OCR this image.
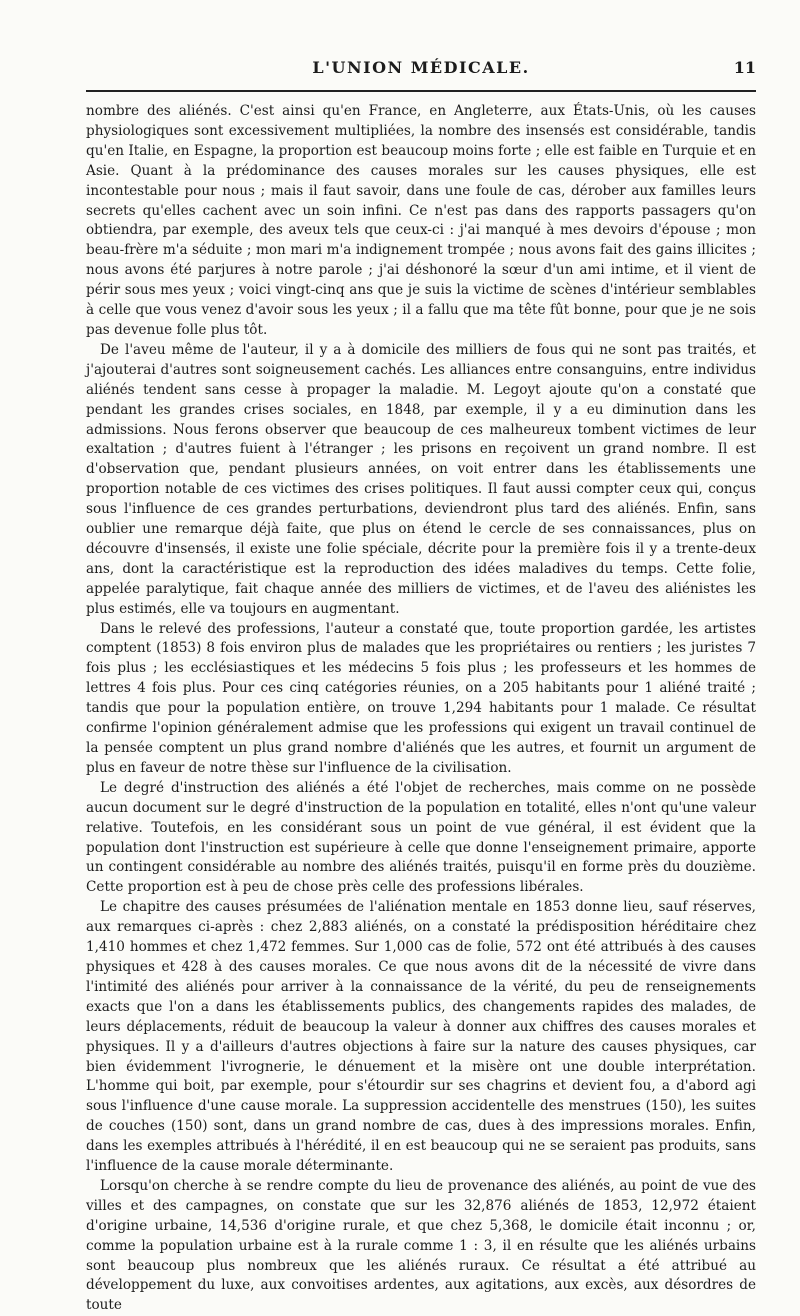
L'UNION MÉDICALE.	11

nombre des aliénés. C'est ainsi qu'en France, en Angleterre, aux États-Unis, où les causes physiologiques sont excessivement multipliées, la nombre des insensés est considérable, tandis qu'en Italie, en Espagne, la proportion est beaucoup moins forte ; elle est faible en Turquie et en Asie. Quant à la prédominance des causes morales sur les causes physiques, elle est incontestable pour nous ; mais il faut savoir, dans une foule de cas, dérober aux familles leurs secrets qu'elles cachent avec un soin infini. Ce n'est pas dans des rapports passagers qu'on obtiendra, par exemple, des aveux tels que ceux-ci : j'ai manqué à mes devoirs d'épouse ; mon beau-frère m'a séduite ; mon mari m'a indignement trompée ; nous avons fait des gains illicites ; nous avons été parjures à notre parole ; j'ai déshonoré la sœur d'un ami intime, et il vient de périr sous mes yeux ; voici vingt-cinq ans que je suis la victime de scènes d'intérieur semblables à celle que vous venez d'avoir sous les yeux ; il a fallu que ma tête fût bonne, pour que je ne sois pas devenue folle plus tôt.

De l'aveu même de l'auteur, il y a à domicile des milliers de fous qui ne sont pas traités, et j'ajouterai d'autres sont soigneusement cachés. Les alliances entre consanguins, entre individus aliénés tendent sans cesse à propager la maladie. M. Legoyt ajoute qu'on a constaté que pendant les grandes crises sociales, en 1848, par exemple, il y a eu diminution dans les admissions. Nous ferons observer que beaucoup de ces malheureux tombent victimes de leur exaltation ; d'autres fuient à l'étranger ; les prisons en reçoivent un grand nombre. Il est d'observation que, pendant plusieurs années, on voit entrer dans les établissements une proportion notable de ces victimes des crises politiques. Il faut aussi compter ceux qui, conçus sous l'influence de ces grandes perturbations, deviendront plus tard des aliénés. Enfin, sans oublier une remarque déjà faite, que plus on étend le cercle de ses connaissances, plus on découvre d'insensés, il existe une folie spéciale, décrite pour la première fois il y a trente-deux ans, dont la caractéristique est la reproduction des idées maladives du temps. Cette folie, appelée paralytique, fait chaque année des milliers de victimes, et de l'aveu des aliénistes les plus estimés, elle va toujours en augmentant.

Dans le relevé des professions, l'auteur a constaté que, toute proportion gardée, les artistes comptent (1853) 8 fois environ plus de malades que les propriétaires ou rentiers ; les juristes 7 fois plus ; les ecclésiastiques et les médecins 5 fois plus ; les professeurs et les hommes de lettres 4 fois plus. Pour ces cinq catégories réunies, on a 205 habitants pour 1 aliéné traité ; tandis que pour la population entière, on trouve 1,294 habitants pour 1 malade. Ce résultat confirme l'opinion généralement admise que les professions qui exigent un travail continuel de la pensée comptent un plus grand nombre d'aliénés que les autres, et fournit un argument de plus en faveur de notre thèse sur l'influence de la civilisation.

Le degré d'instruction des aliénés a été l'objet de recherches, mais comme on ne possède aucun document sur le degré d'instruction de la population en totalité, elles n'ont qu'une valeur relative. Toutefois, en les considérant sous un point de vue général, il est évident que la population dont l'instruction est supérieure à celle que donne l'enseignement primaire, apporte un contingent considérable au nombre des aliénés traités, puisqu'il en forme près du douzième. Cette proportion est à peu de chose près celle des professions libérales.

Le chapitre des causes présumées de l'aliénation mentale en 1853 donne lieu, sauf réserves, aux remarques ci-après : chez 2,883 aliénés, on a constaté la prédisposition héréditaire chez 1,410 hommes et chez 1,472 femmes. Sur 1,000 cas de folie, 572 ont été attribués à des causes physiques et 428 à des causes morales. Ce que nous avons dit de la nécessité de vivre dans l'intimité des aliénés pour arriver à la connaissance de la vérité, du peu de renseignements exacts que l'on a dans les établissements publics, des changements rapides des malades, de leurs déplacements, réduit de beaucoup la valeur à donner aux chiffres des causes morales et physiques. Il y a d'ailleurs d'autres objections à faire sur la nature des causes physiques, car bien évidemment l'ivrognerie, le dénuement et la misère ont une double interprétation. L'homme qui boit, par exemple, pour s'étourdir sur ses chagrins et devient fou, a d'abord agi sous l'influence d'une cause morale. La suppression accidentelle des menstrues (150), les suites de couches (150) sont, dans un grand nombre de cas, dues à des impressions morales. Enfin, dans les exemples attribués à l'hérédité, il en est beaucoup qui ne se seraient pas produits, sans l'influence de la cause morale déterminante.

Lorsqu'on cherche à se rendre compte du lieu de provenance des aliénés, au point de vue des villes et des campagnes, on constate que sur les 32,876 aliénés de 1853, 12,972 étaient d'origine urbaine, 14,536 d'origine rurale, et que chez 5,368, le domicile était inconnu ; or, comme la population urbaine est à la rurale comme 1 : 3, il en résulte que les aliénés urbains sont beaucoup plus nombreux que les aliénés ruraux. Ce résultat a été attribué au développement du luxe, aux convoitises ardentes, aux agitations, aux excès, aux désordres de toute
